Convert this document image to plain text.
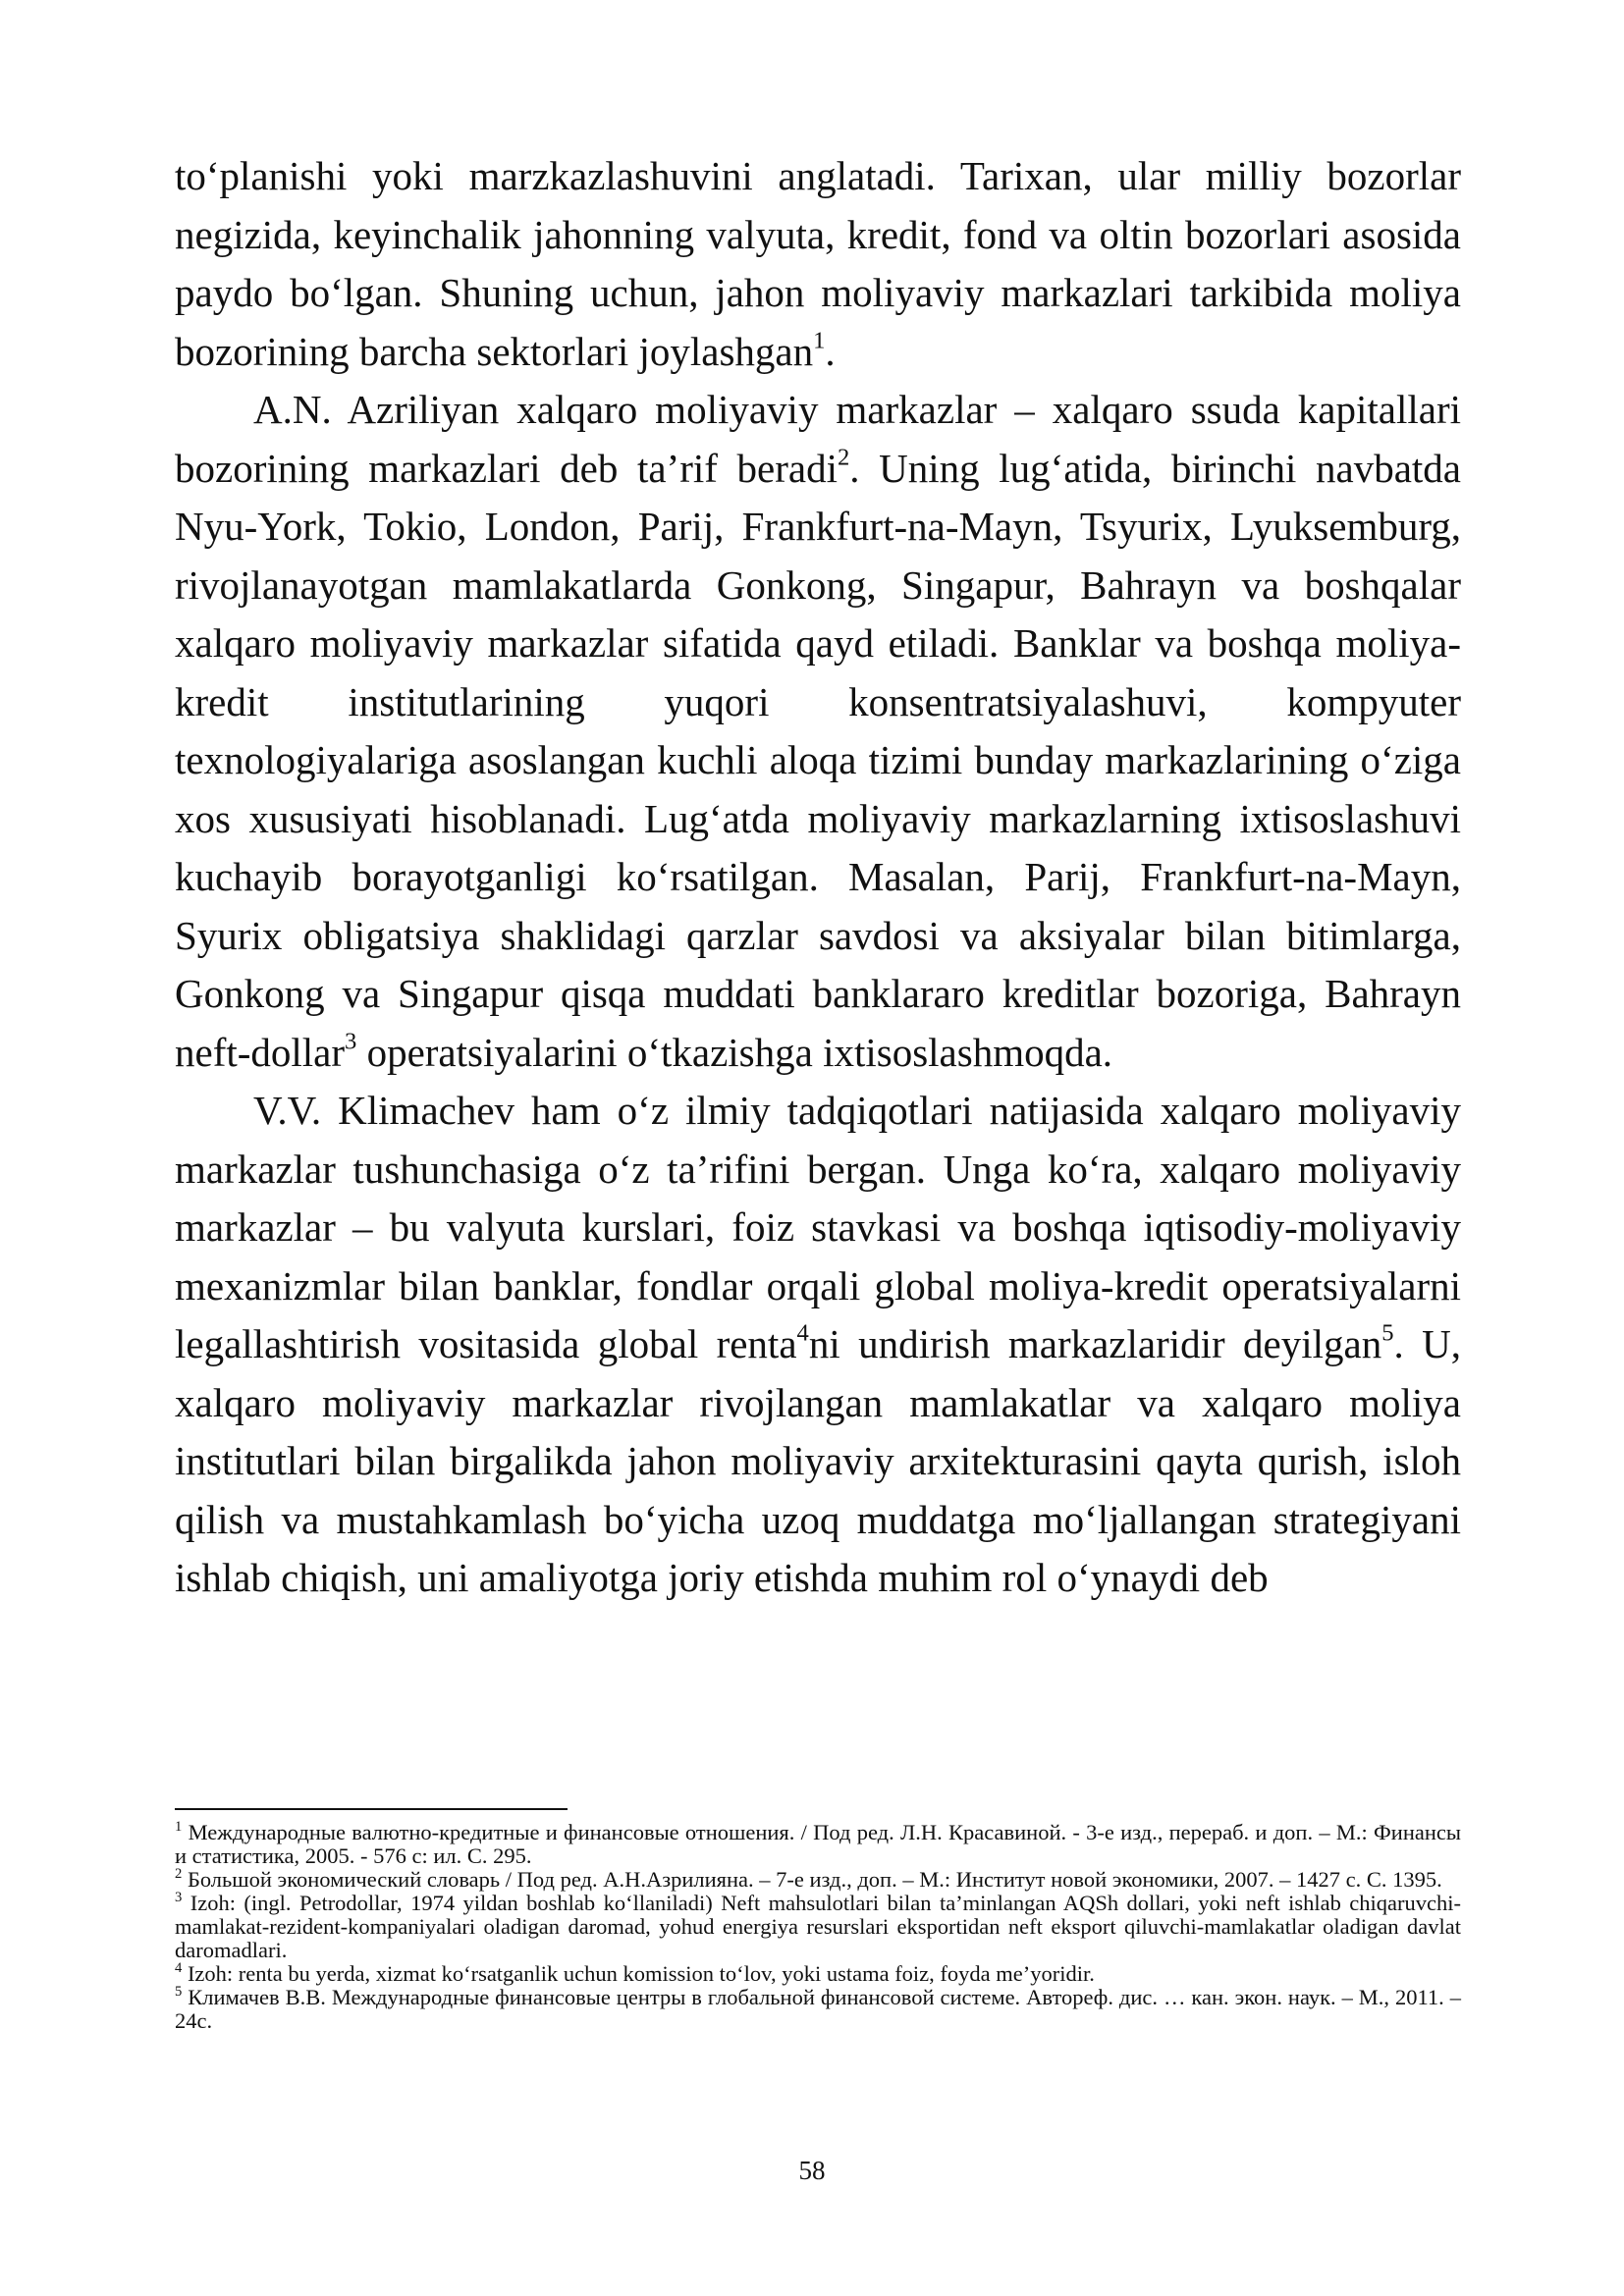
to‘planishi yoki marzkazlashuvini anglatadi. Tarixan, ular milliy bozorlar negizida, keyinchalik jahonning valyuta, kredit, fond va oltin bozorlari asosida paydo bo‘lgan. Shuning uchun, jahon moliyaviy markazlari tarkibida moliya bozorining barcha sektorlari joylashgan$^1$.

A.N. Azriliyan xalqaro moliyaviy markazlar – xalqaro ssuda kapitallari bozorining markazlari deb ta’rif beradi$^2$. Uning lug‘atida, birinchi navbatda Nyu-York, Tokio, London, Parij, Frankfurt-na-Mayn, Tsyurix, Lyuksemburg, rivojlanayotgan mamlakatlarda Gonkong, Singapur, Bahrayn va boshqalar xalqaro moliyaviy markazlar sifatida qayd etiladi. Banklar va boshqa moliya-kredit institutlarining yuqori konsentratsiyalashuvi, kompyuter texnologiyalariga asoslangan kuchli aloqa tizimi bunday markazlarining o‘ziga xos xususiyati hisoblanadi. Lug‘atda moliyaviy markazlarning ixtisoslashuvi kuchayib borayotganligi ko‘rsatilgan. Masalan, Parij, Frankfurt-na-Mayn, Syurix obligatsiya shaklidagi qarzlar savdosi va aksiyalar bilan bitimlarga, Gonkong va Singapur qisqa muddati banklararo kreditlar bozoriga, Bahrayn neft-dollar$^3$ operatsiyalarini o‘tkazishga ixtisoslashmoqda.

V.V. Klimachev ham o‘z ilmiy tadqiqotlari natijasida xalqaro moliyaviy markazlar tushunchasiga o‘z ta’rifini bergan. Unga ko‘ra, xalqaro moliyaviy markazlar – bu valyuta kurslari, foiz stavkasi va boshqa iqtisodiy-moliyaviy mexanizmlar bilan banklar, fondlar orqali global moliya-kredit operatsiyalarni legallashtirish vositasida global renta$^4$ni undirish markazlaridir deyilgan$^5$. U, xalqaro moliyaviy markazlar rivojlangan mamlakatlar va xalqaro moliya institutlari bilan birgalikda jahon moliyaviy arxitekturasini qayta qurish, isloh qilish va mustahkamlash bo‘yicha uzoq muddatga mo‘ljallangan strategiyani ishlab chiqish, uni amaliyotga joriy etishda muhim rol o‘ynaydi deb

$^1$ Международные валютно-кредитные и финансовые отношения. / Под ред. Л.Н. Красавиной. - 3-е изд., перераб. и доп. – М.: Финансы и статистика, 2005. - 576 с: ил. С. 295.

$^2$ Большой экономический словарь / Под ред. А.Н.Азрилияна. – 7-е изд., доп. – М.: Институт новой экономики, 2007. – 1427 с. С. 1395.

$^3$ Izoh: (ingl. Petrodollar, 1974 yildan boshlab ko‘llaniladi) Neft mahsulotlari bilan ta’minlangan AQSh dollari, yoki neft ishlab chiqaruvchi-mamlakat-rezident-kompaniyalari oladigan daromad, yohud energiya resurslari eksportidan neft eksport qiluvchi-mamlakatlar oladigan davlat daromadlari.

$^4$ Izoh: renta bu yerda, xizmat ko‘rsatganlik uchun komission to‘lov, yoki ustama foiz, foyda me’yoridir.

$^5$ Климачев В.В. Международные финансовые центры в глобальной финансовой системе. Автореф. дис. … кан. экон. наук. – М., 2011. – 24с.

58
